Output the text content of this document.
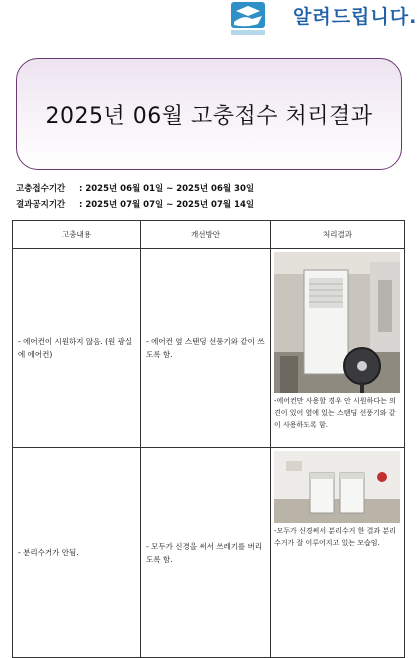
알려드립니다.
2025년 06월 고충접수 처리결과
고충접수기간 : 2025년 06월 01일 ~ 2025년 06월 30일
결과공지기간 : 2025년 07월 07일 ~ 2025년 07월 14일
고충내용	개선방안	처리결과

- 에어컨이 시원하지 않음. (원 광실에 에어컨)	- 에어컨 옆 스탠딩 선풍기와 같이 쓰도록 함.	-에어컨만 사용할 경우 안 시원하다는 의견이 있어 옆에 있는 스탠딩 선풍기와 같이 사용하도록 함.

- 분리수거가 안됨.	- 모두가 신경을 써서 쓰레기를 버리도록 함.	-모두가 신경써서 분리수거 한 결과 분리수거가 잘 이루어지고 있는 모습임.
